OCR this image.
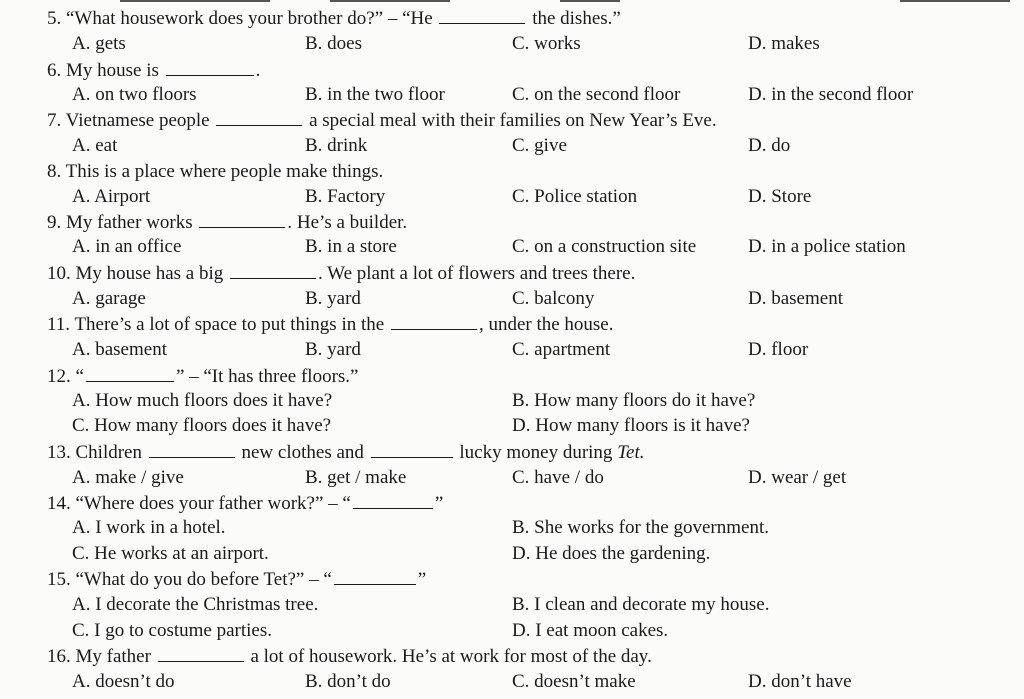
5. “What housework does your brother do?” – “He	the dishes.”
A. gets	B. does	C. works	D. makes
6. My house is	.
A. on two floors	B. in the two floor	C. on the second floor	D. in the second floor
7. Vietnamese people	a special meal with their families on New Year’s Eve.
A. eat	B. drink	C. give	D. do
8. This is a place where people make things.
A. Airport	B. Factory	C. Police station	D. Store
9. My father works	. He’s a builder.
A. in an office	B. in a store	C. on a construction site	D. in a police station
10. My house has a big	. We plant a lot of flowers and trees there.
A. garage	B. yard	C. balcony	D. basement
11. There’s a lot of space to put things in the	, under the house.
A. basement	B. yard	C. apartment	D. floor
12. “	” – “It has three floors.”
A. How much floors does it have?	B. How many floors do it have?
C. How many floors does it have?	D. How many floors is it have?
13. Children	new clothes and	lucky money during Tet.
A. make / give	B. get / make	C. have / do	D. wear / get
14. “Where does your father work?” – “	”
A. I work in a hotel.	B. She works for the government.
C. He works at an airport.	D. He does the gardening.
15. “What do you do before Tet?” – “	”
A. I decorate the Christmas tree.	B. I clean and decorate my house.
C. I go to costume parties.	D. I eat moon cakes.
16. My father	a lot of housework. He’s at work for most of the day.
A. doesn’t do	B. don’t do	C. doesn’t make	D. don’t have
